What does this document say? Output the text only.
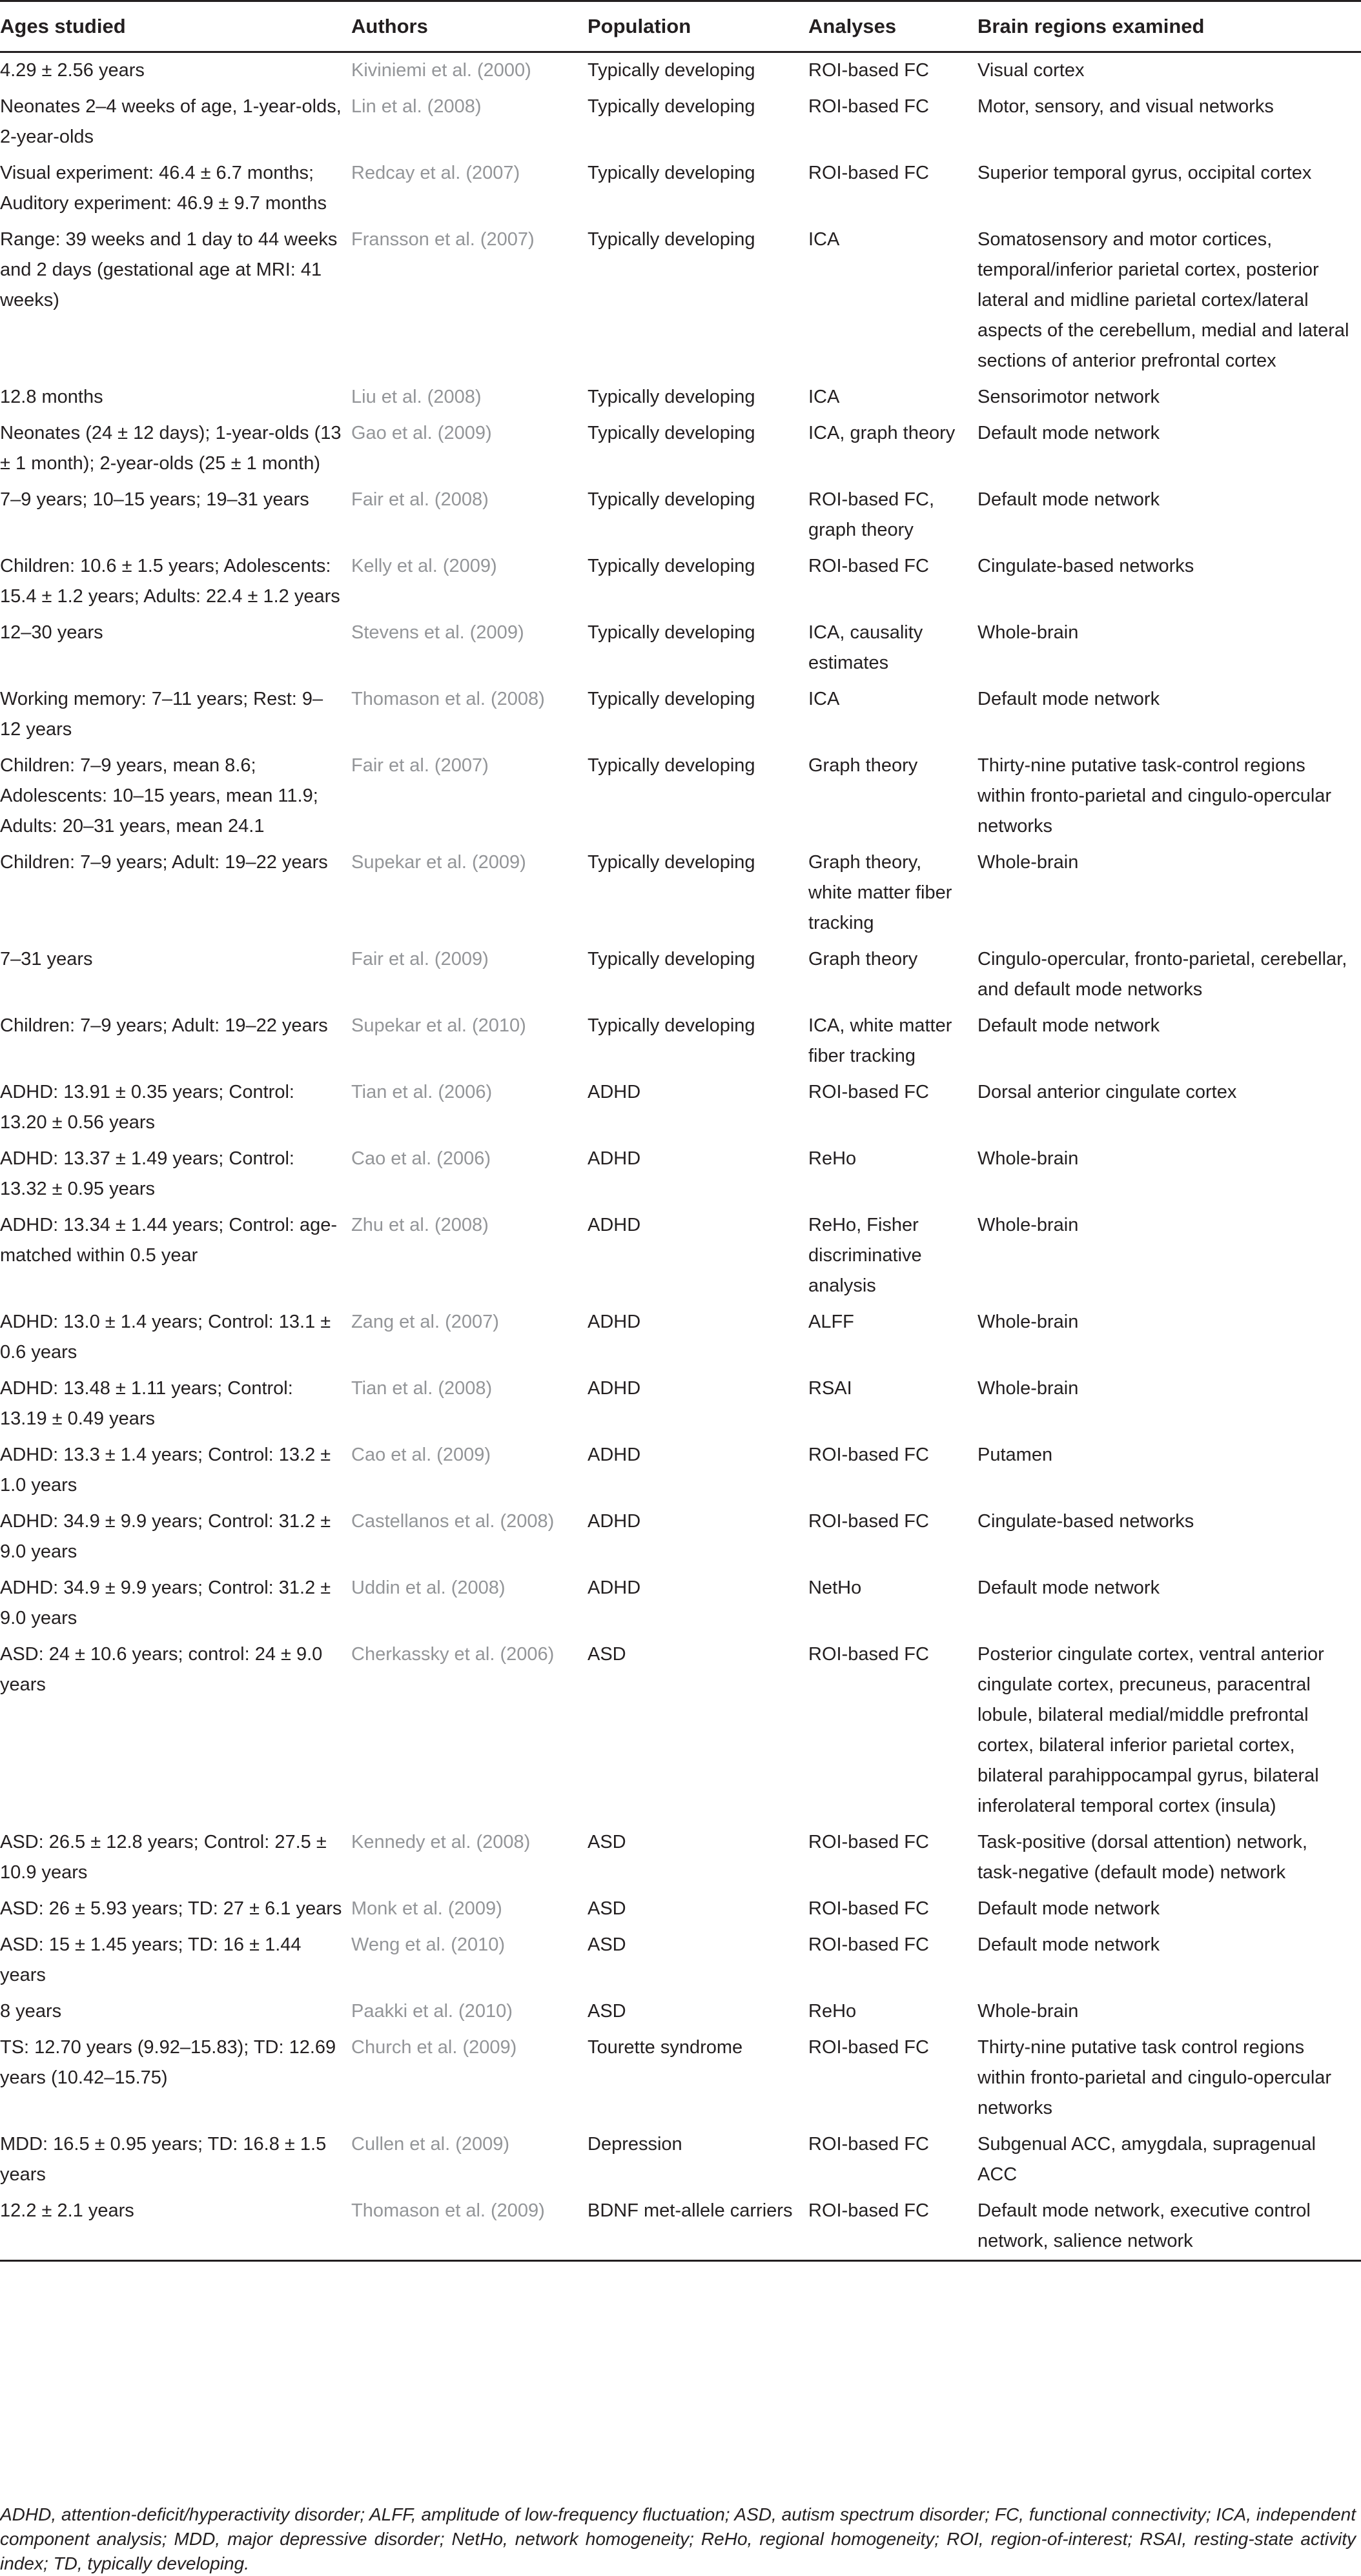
Ages studied	Authors	Population	Analyses	Brain regions examined
4.29 ± 2.56 years	Kiviniemi et al. (2000)	Typically developing	ROI-based FC	Visual cortex
Neonates 2–4 weeks of age, 1-year-olds, 2-year-olds	Lin et al. (2008)	Typically developing	ROI-based FC	Motor, sensory, and visual networks
Visual experiment: 46.4 ± 6.7 months; Auditory experiment: 46.9 ± 9.7 months	Redcay et al. (2007)	Typically developing	ROI-based FC	Superior temporal gyrus, occipital cortex
Range: 39 weeks and 1 day to 44 weeks and 2 days (gestational age at MRI: 41 weeks)	Fransson et al. (2007)	Typically developing	ICA	Somatosensory and motor cortices, temporal/inferior parietal cortex, posterior lateral and midline parietal cortex/lateral aspects of the cerebellum, medial and lateral sections of anterior prefrontal cortex
12.8 months	Liu et al. (2008)	Typically developing	ICA	Sensorimotor network
Neonates (24 ± 12 days); 1-year-olds (13 ± 1 month); 2-year-olds (25 ± 1 month)	Gao et al. (2009)	Typically developing	ICA, graph theory	Default mode network
7–9 years; 10–15 years; 19–31 years	Fair et al. (2008)	Typically developing	ROI-based FC, graph theory	Default mode network
Children: 10.6 ± 1.5 years; Adolescents: 15.4 ± 1.2 years; Adults: 22.4 ± 1.2 years	Kelly et al. (2009)	Typically developing	ROI-based FC	Cingulate-based networks
12–30 years	Stevens et al. (2009)	Typically developing	ICA, causality estimates	Whole-brain
Working memory: 7–11 years; Rest: 9–12 years	Thomason et al. (2008)	Typically developing	ICA	Default mode network
Children: 7–9 years, mean 8.6; Adolescents: 10–15 years, mean 11.9; Adults: 20–31 years, mean 24.1	Fair et al. (2007)	Typically developing	Graph theory	Thirty-nine putative task-control regions within fronto-parietal and cingulo-opercular networks
Children: 7–9 years; Adult: 19–22 years	Supekar et al. (2009)	Typically developing	Graph theory, white matter fiber tracking	Whole-brain
7–31 years	Fair et al. (2009)	Typically developing	Graph theory	Cingulo-opercular, fronto-parietal, cerebellar, and default mode networks
Children: 7–9 years; Adult: 19–22 years	Supekar et al. (2010)	Typically developing	ICA, white matter fiber tracking	Default mode network
ADHD: 13.91 ± 0.35 years; Control: 13.20 ± 0.56 years	Tian et al. (2006)	ADHD	ROI-based FC	Dorsal anterior cingulate cortex
ADHD: 13.37 ± 1.49 years; Control: 13.32 ± 0.95 years	Cao et al. (2006)	ADHD	ReHo	Whole-brain
ADHD: 13.34 ± 1.44 years; Control: age-matched within 0.5 year	Zhu et al. (2008)	ADHD	ReHo, Fisher discriminative analysis	Whole-brain
ADHD: 13.0 ± 1.4 years; Control: 13.1 ± 0.6 years	Zang et al. (2007)	ADHD	ALFF	Whole-brain
ADHD: 13.48 ± 1.11 years; Control: 13.19 ± 0.49 years	Tian et al. (2008)	ADHD	RSAI	Whole-brain
ADHD: 13.3 ± 1.4 years; Control: 13.2 ± 1.0 years	Cao et al. (2009)	ADHD	ROI-based FC	Putamen
ADHD: 34.9 ± 9.9 years; Control: 31.2 ± 9.0 years	Castellanos et al. (2008)	ADHD	ROI-based FC	Cingulate-based networks
ADHD: 34.9 ± 9.9 years; Control: 31.2 ± 9.0 years	Uddin et al. (2008)	ADHD	NetHo	Default mode network
ASD: 24 ± 10.6 years; control: 24 ± 9.0 years	Cherkassky et al. (2006)	ASD	ROI-based FC	Posterior cingulate cortex, ventral anterior cingulate cortex, precuneus, paracentral lobule, bilateral medial/middle prefrontal cortex, bilateral inferior parietal cortex, bilateral parahippocampal gyrus, bilateral inferolateral temporal cortex (insula)
ASD: 26.5 ± 12.8 years; Control: 27.5 ± 10.9 years	Kennedy et al. (2008)	ASD	ROI-based FC	Task-positive (dorsal attention) network, task-negative (default mode) network
ASD: 26 ± 5.93 years; TD: 27 ± 6.1 years	Monk et al. (2009)	ASD	ROI-based FC	Default mode network
ASD: 15 ± 1.45 years; TD: 16 ± 1.44 years	Weng et al. (2010)	ASD	ROI-based FC	Default mode network
8 years	Paakki et al. (2010)	ASD	ReHo	Whole-brain
TS: 12.70 years (9.92–15.83); TD: 12.69 years (10.42–15.75)	Church et al. (2009)	Tourette syndrome	ROI-based FC	Thirty-nine putative task control regions within fronto-parietal and cingulo-opercular networks
MDD: 16.5 ± 0.95 years; TD: 16.8 ± 1.5 years	Cullen et al. (2009)	Depression	ROI-based FC	Subgenual ACC, amygdala, supragenual ACC
12.2 ± 2.1 years	Thomason et al. (2009)	BDNF met-allele carriers	ROI-based FC	Default mode network, executive control network, salience network
ADHD, attention-deficit/hyperactivity disorder; ALFF, amplitude of low-frequency fluctuation; ASD, autism spectrum disorder; FC, functional connectivity; ICA, independent component analysis; MDD, major depressive disorder; NetHo, network homogeneity; ReHo, regional homogeneity; ROI, region-of-interest; RSAI, resting-state activity index; TD, typically developing.
